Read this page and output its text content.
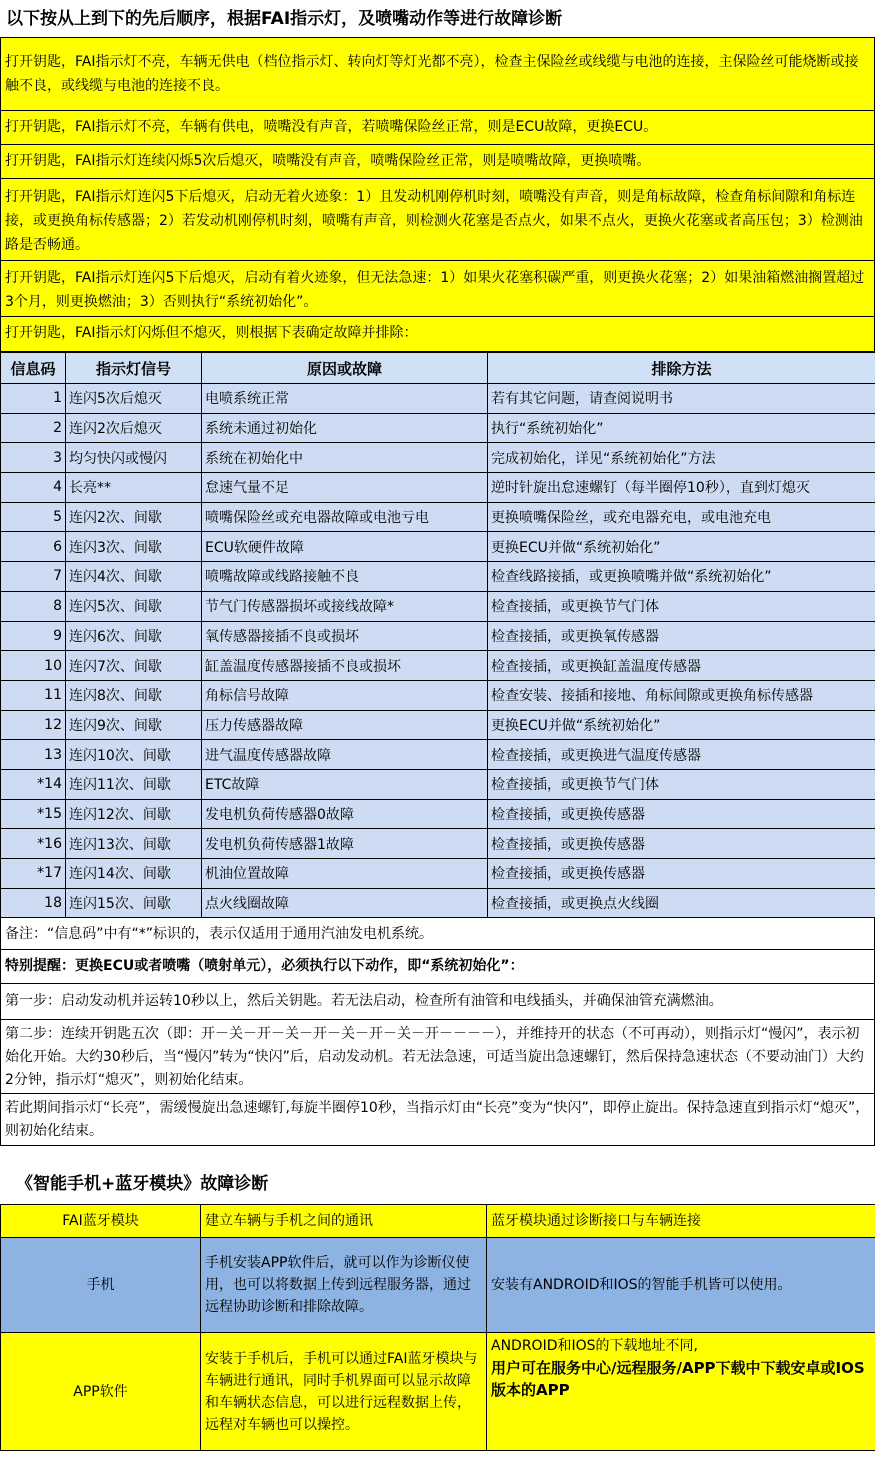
以下按从上到下的先后顺序，根据FAI指示灯，及喷嘴动作等进行故障诊断
打开钥匙，FAI指示灯不亮，车辆无供电（档位指示灯、转向灯等灯光都不亮），检查主保险丝或线缆与电池的连接，主保险丝可能烧断或接触不良，或线缆与电池的连接不良。
打开钥匙，FAI指示灯不亮，车辆有供电，喷嘴没有声音，若喷嘴保险丝正常，则是ECU故障，更换ECU。
打开钥匙，FAI指示灯连续闪烁5次后熄灭，喷嘴没有声音，喷嘴保险丝正常，则是喷嘴故障，更换喷嘴。
打开钥匙，FAI指示灯连闪5下后熄灭，启动无着火迹象：1）且发动机刚停机时刻，喷嘴没有声音，则是角标故障，检查角标间隙和角标连接，或更换角标传感器；2）若发动机刚停机时刻，喷嘴有声音，则检测火花塞是否点火，如果不点火，更换火花塞或者高压包；3）检测油路是否畅通。
打开钥匙，FAI指示灯连闪5下后熄灭，启动有着火迹象，但无法急速：1）如果火花塞积碳严重，则更换火花塞；2）如果油箱燃油搁置超过3个月，则更换燃油；3）否则执行“系统初始化”。
打开钥匙，FAI指示灯闪烁但不熄灭，则根据下表确定故障并排除：
信息码	指示灯信号	原因或故障	排除方法
1	连闪5次后熄灭	电喷系统正常	若有其它问题，请查阅说明书
2	连闪2次后熄灭	系统未通过初始化	执行“系统初始化”
3	均匀快闪或慢闪	系统在初始化中	完成初始化，详见“系统初始化”方法
4	长亮**	怠速气量不足	逆时针旋出怠速螺钉（每半圈停10秒），直到灯熄灭
5	连闪2次、间歇	喷嘴保险丝或充电器故障或电池亏电	更换喷嘴保险丝，或充电器充电，或电池充电
6	连闪3次、间歇	ECU软硬件故障	更换ECU并做“系统初始化”
7	连闪4次、间歇	喷嘴故障或线路接触不良	检查线路接插，或更换喷嘴并做“系统初始化”
8	连闪5次、间歇	节气门传感器损坏或接线故障*	检查接插，或更换节气门体
9	连闪6次、间歇	氧传感器接插不良或损坏	检查接插，或更换氧传感器
10	连闪7次、间歇	缸盖温度传感器接插不良或损坏	检查接插，或更换缸盖温度传感器
11	连闪8次、间歇	角标信号故障	检查安装、接插和接地、角标间隙或更换角标传感器
12	连闪9次、间歇	压力传感器故障	更换ECU并做“系统初始化”
13	连闪10次、间歇	进气温度传感器故障	检查接插，或更换进气温度传感器
*14	连闪11次、间歇	ETC故障	检查接插，或更换节气门体
*15	连闪12次、间歇	发电机负荷传感器0故障	检查接插，或更换传感器
*16	连闪13次、间歇	发电机负荷传感器1故障	检查接插，或更换传感器
*17	连闪14次、间歇	机油位置故障	检查接插，或更换传感器
18	连闪15次、间歇	点火线圈故障	检查接插，或更换点火线圈
备注：“信息码”中有“*”标识的，表示仅适用于通用汽油发电机系统。
特别提醒：更换ECU或者喷嘴（喷射单元），必须执行以下动作，即“系统初始化”：
第一步：启动发动机并运转10秒以上，然后关钥匙。若无法启动，检查所有油管和电线插头，并确保油管充满燃油。
第二步：连续开钥匙五次（即：开－关－开－关－开－关－开－关－开－－－－），并维持开的状态（不可再动），则指示灯“慢闪”，表示初始化开始。大约30秒后，当“慢闪”转为“快闪”后，启动发动机。若无法急速，可适当旋出急速螺钉，然后保持急速状态（不要动油门）大约2分钟，指示灯“熄灭”，则初始化结束。
若此期间指示灯“长亮”，需缓慢旋出急速螺钉,每旋半圈停10秒，当指示灯由“长亮”变为“快闪”，即停止旋出。保持急速直到指示灯“熄灭”，则初始化结束。
《智能手机+蓝牙模块》故障诊断
FAI蓝牙模块	建立车辆与手机之间的通讯	蓝牙模块通过诊断接口与车辆连接
手机	手机安装APP软件后，就可以作为诊断仪使用，也可以将数据上传到远程服务器，通过远程协助诊断和排除故障。	安装有ANDROID和IOS的智能手机皆可以使用。
APP软件	安装于手机后，手机可以通过FAI蓝牙模块与车辆进行通讯，同时手机界面可以显示故障和车辆状态信息，可以进行远程数据上传，远程对车辆也可以操控。	ANDROID和IOS的下载地址不同,
用户可在服务中心/远程服务/APP下载中下载安卓或IOS版本的APP
